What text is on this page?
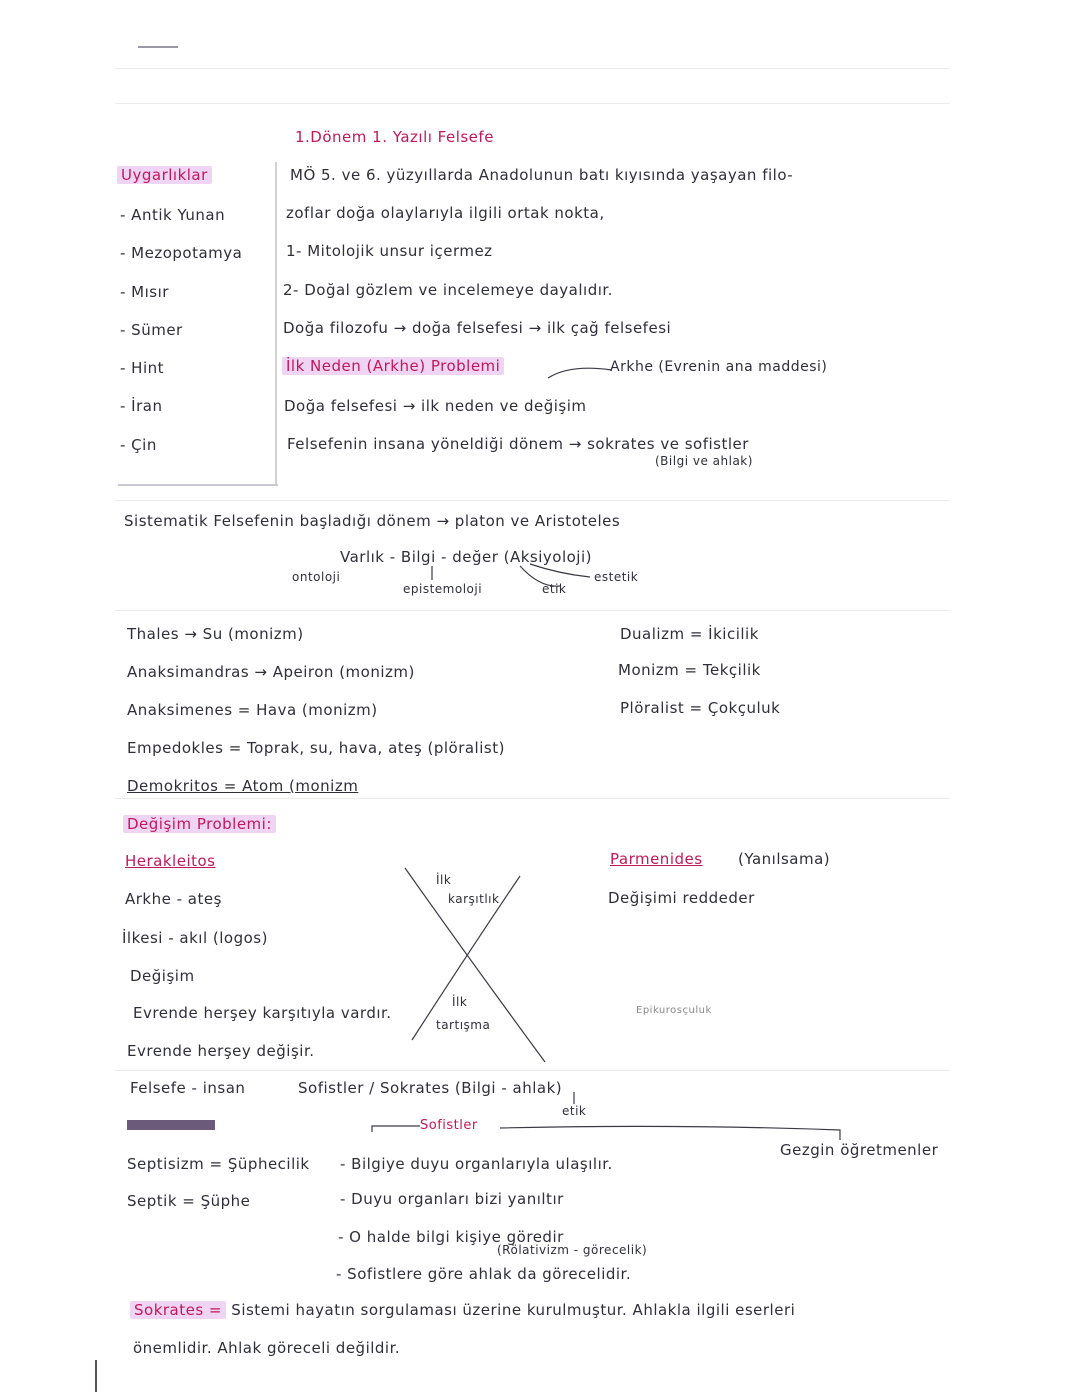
1.Dönem 1. Yazılı Felsefe
Uygarlıklar
- Antik Yunan
- Mezopotamya
- Mısır
- Sümer
- Hint
- İran
- Çin
MÖ 5. ve 6. yüzyıllarda Anadolunun batı kıyısında yaşayan filo-
zoflar doğa olaylarıyla ilgili ortak nokta,
1- Mitolojik unsur içermez
2- Doğal gözlem ve incelemeye dayalıdır.
Doğa filozofu → doğa felsefesi → ilk çağ felsefesi
İlk Neden (Arkhe) Problemi	Arkhe (Evrenin ana maddesi)
Doğa felsefesi → ilk neden ve değişim
Felsefenin insana yöneldiği dönem → sokrates ve sofistler
(Bilgi ve ahlak)
Sistematik Felsefenin başladığı dönem → platon ve Aristoteles
Varlık - Bilgi - değer (Aksiyoloji)
ontoloji
epistemoloji	etik
estetik
Thales → Su (monizm)
Anaksimandras → Apeiron (monizm)
Anaksimenes = Hava (monizm)
Empedokles = Toprak, su, hava, ateş (plöralist)
Demokritos = Atom (monizm
Dualizm = İkicilik
Monizm = Tekçilik
Plöralist = Çokçuluk
Değişim Problemi:
Herakleitos
Arkhe - ateş
İlkesi - akıl (logos)
Değişim
Evrende herşey karşıtıyla vardır.
Evrende herşey değişir.
İlk
karşıtlık
İlk
tartışma
Parmenides (Yanılsama)
Değişimi reddeder
Epikurosçuluk
Felsefe - insan	Sofistler / Sokrates (Bilgi - ahlak)
etik
Sofistler
Gezgin öğretmenler
Septisizm = Şüphecilik
Septik = Şüphe
- Bilgiye duyu organlarıyla ulaşılır.
- Duyu organları bizi yanıltır
- O halde bilgi kişiye göredir
(Rölativizm - görecelik)
- Sofistlere göre ahlak da görecelidir.
Sokrates = Sistemi hayatın sorgulaması üzerine kurulmuştur. Ahlakla ilgili eserleri
önemlidir. Ahlak göreceli değildir.
